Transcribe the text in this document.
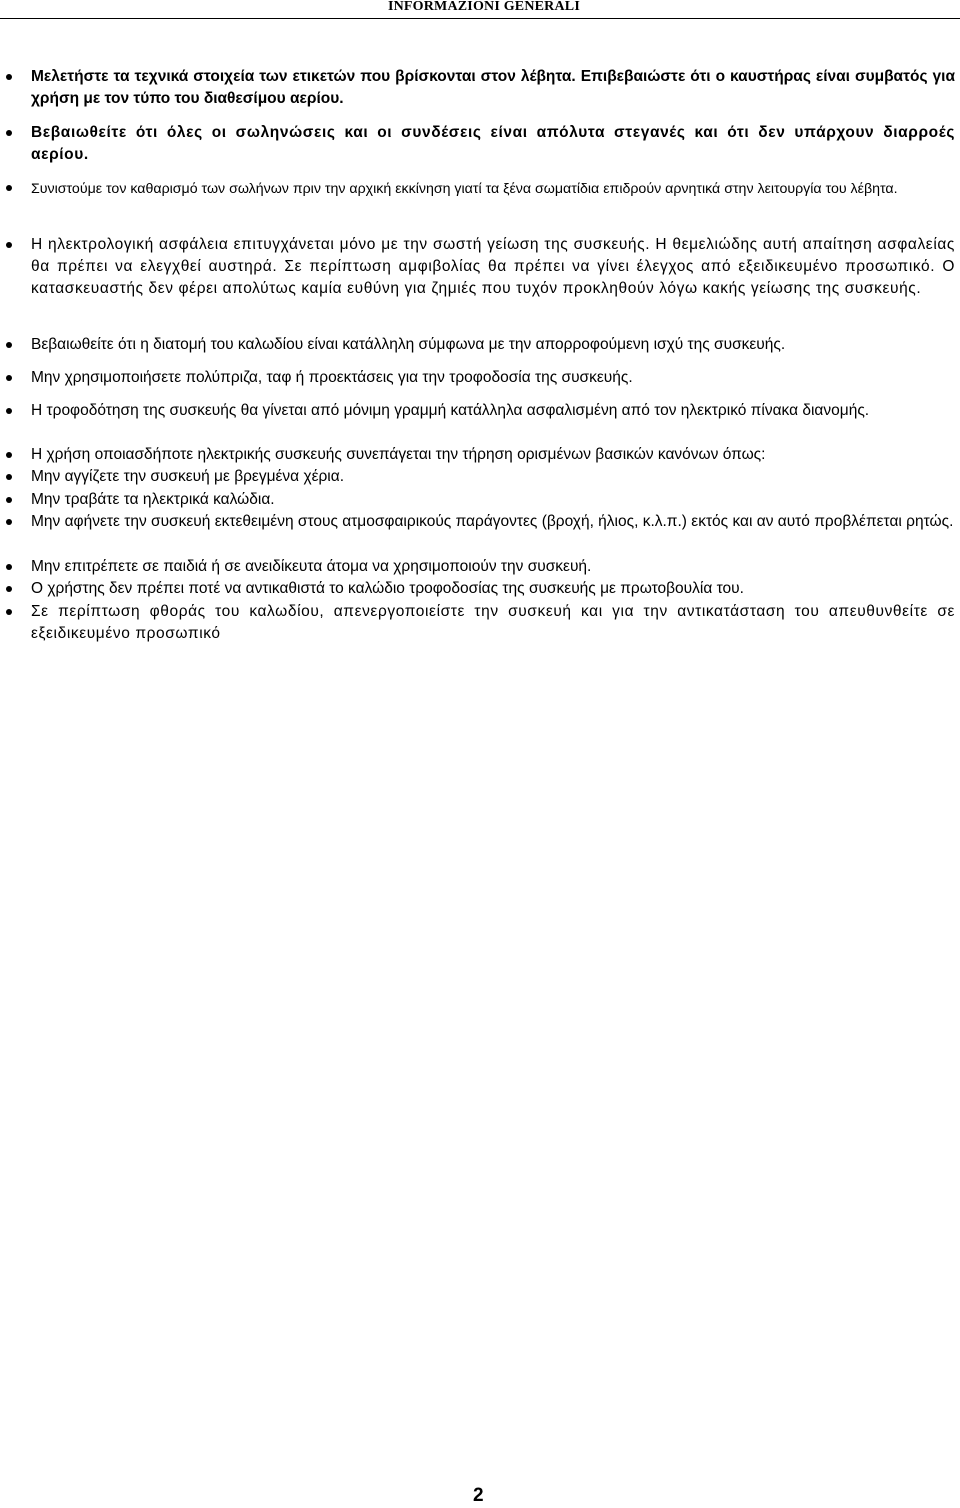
INFORMAZIONI GENERALI
Μελετήστε τα τεχνικά στοιχεία των ετικετών που βρίσκονται στον λέβητα. Επιβεβαιώστε ότι ο καυστήρας είναι συμβατός για χρήση με τον τύπο του διαθεσίμου αερίου.
Βεβαιωθείτε ότι όλες οι σωληνώσεις και οι συνδέσεις είναι απόλυτα στεγανές και ότι δεν υπάρχουν διαρροές αερίου.
Συνιστούμε τον καθαρισμό των σωλήνων πριν την αρχική εκκίνηση γιατί τα ξένα σωματίδια επιδρούν αρνητικά στην λειτουργία του λέβητα.
Η ηλεκτρολογική ασφάλεια επιτυγχάνεται μόνο με την σωστή γείωση της συσκευής. Η θεμελιώδης αυτή απαίτηση ασφαλείας θα πρέπει να ελεγχθεί αυστηρά. Σε περίπτωση αμφιβολίας θα πρέπει να γίνει έλεγχος από εξειδικευμένο προσωπικό. Ο κατασκευαστής δεν φέρει απολύτως καμία ευθύνη για ζημιές που τυχόν προκληθούν λόγω κακής γείωσης της συσκευής.
Βεβαιωθείτε ότι η διατομή του καλωδίου είναι κατάλληλη σύμφωνα με την απορροφούμενη ισχύ της συσκευής.
Μην χρησιμοποιήσετε πολύπριζα, ταφ ή προεκτάσεις για την τροφοδοσία της συσκευής.
Η τροφοδότηση της συσκευής θα γίνεται από μόνιμη γραμμή κατάλληλα ασφαλισμένη από τον ηλεκτρικό πίνακα διανομής.
Η χρήση οποιασδήποτε ηλεκτρικής συσκευής συνεπάγεται την τήρηση ορισμένων βασικών κανόνων όπως:
Μην αγγίζετε την συσκευή με βρεγμένα χέρια.
Μην τραβάτε τα ηλεκτρικά καλώδια.
Μην αφήνετε την συσκευή εκτεθειμένη στους ατμοσφαιρικούς παράγοντες (βροχή, ήλιος, κ.λ.π.) εκτός και αν αυτό προβλέπεται ρητώς.
Μην επιτρέπετε σε παιδιά ή σε ανειδίκευτα άτομα να χρησιμοποιούν την συσκευή.
Ο χρήστης δεν πρέπει ποτέ να αντικαθιστά το καλώδιο τροφοδοσίας της συσκευής με πρωτοβουλία του.
Σε περίπτωση φθοράς του καλωδίου, απενεργοποιείστε την συσκευή και για την αντικατάσταση του απευθυνθείτε σε εξειδικευμένο προσωπικό
2
